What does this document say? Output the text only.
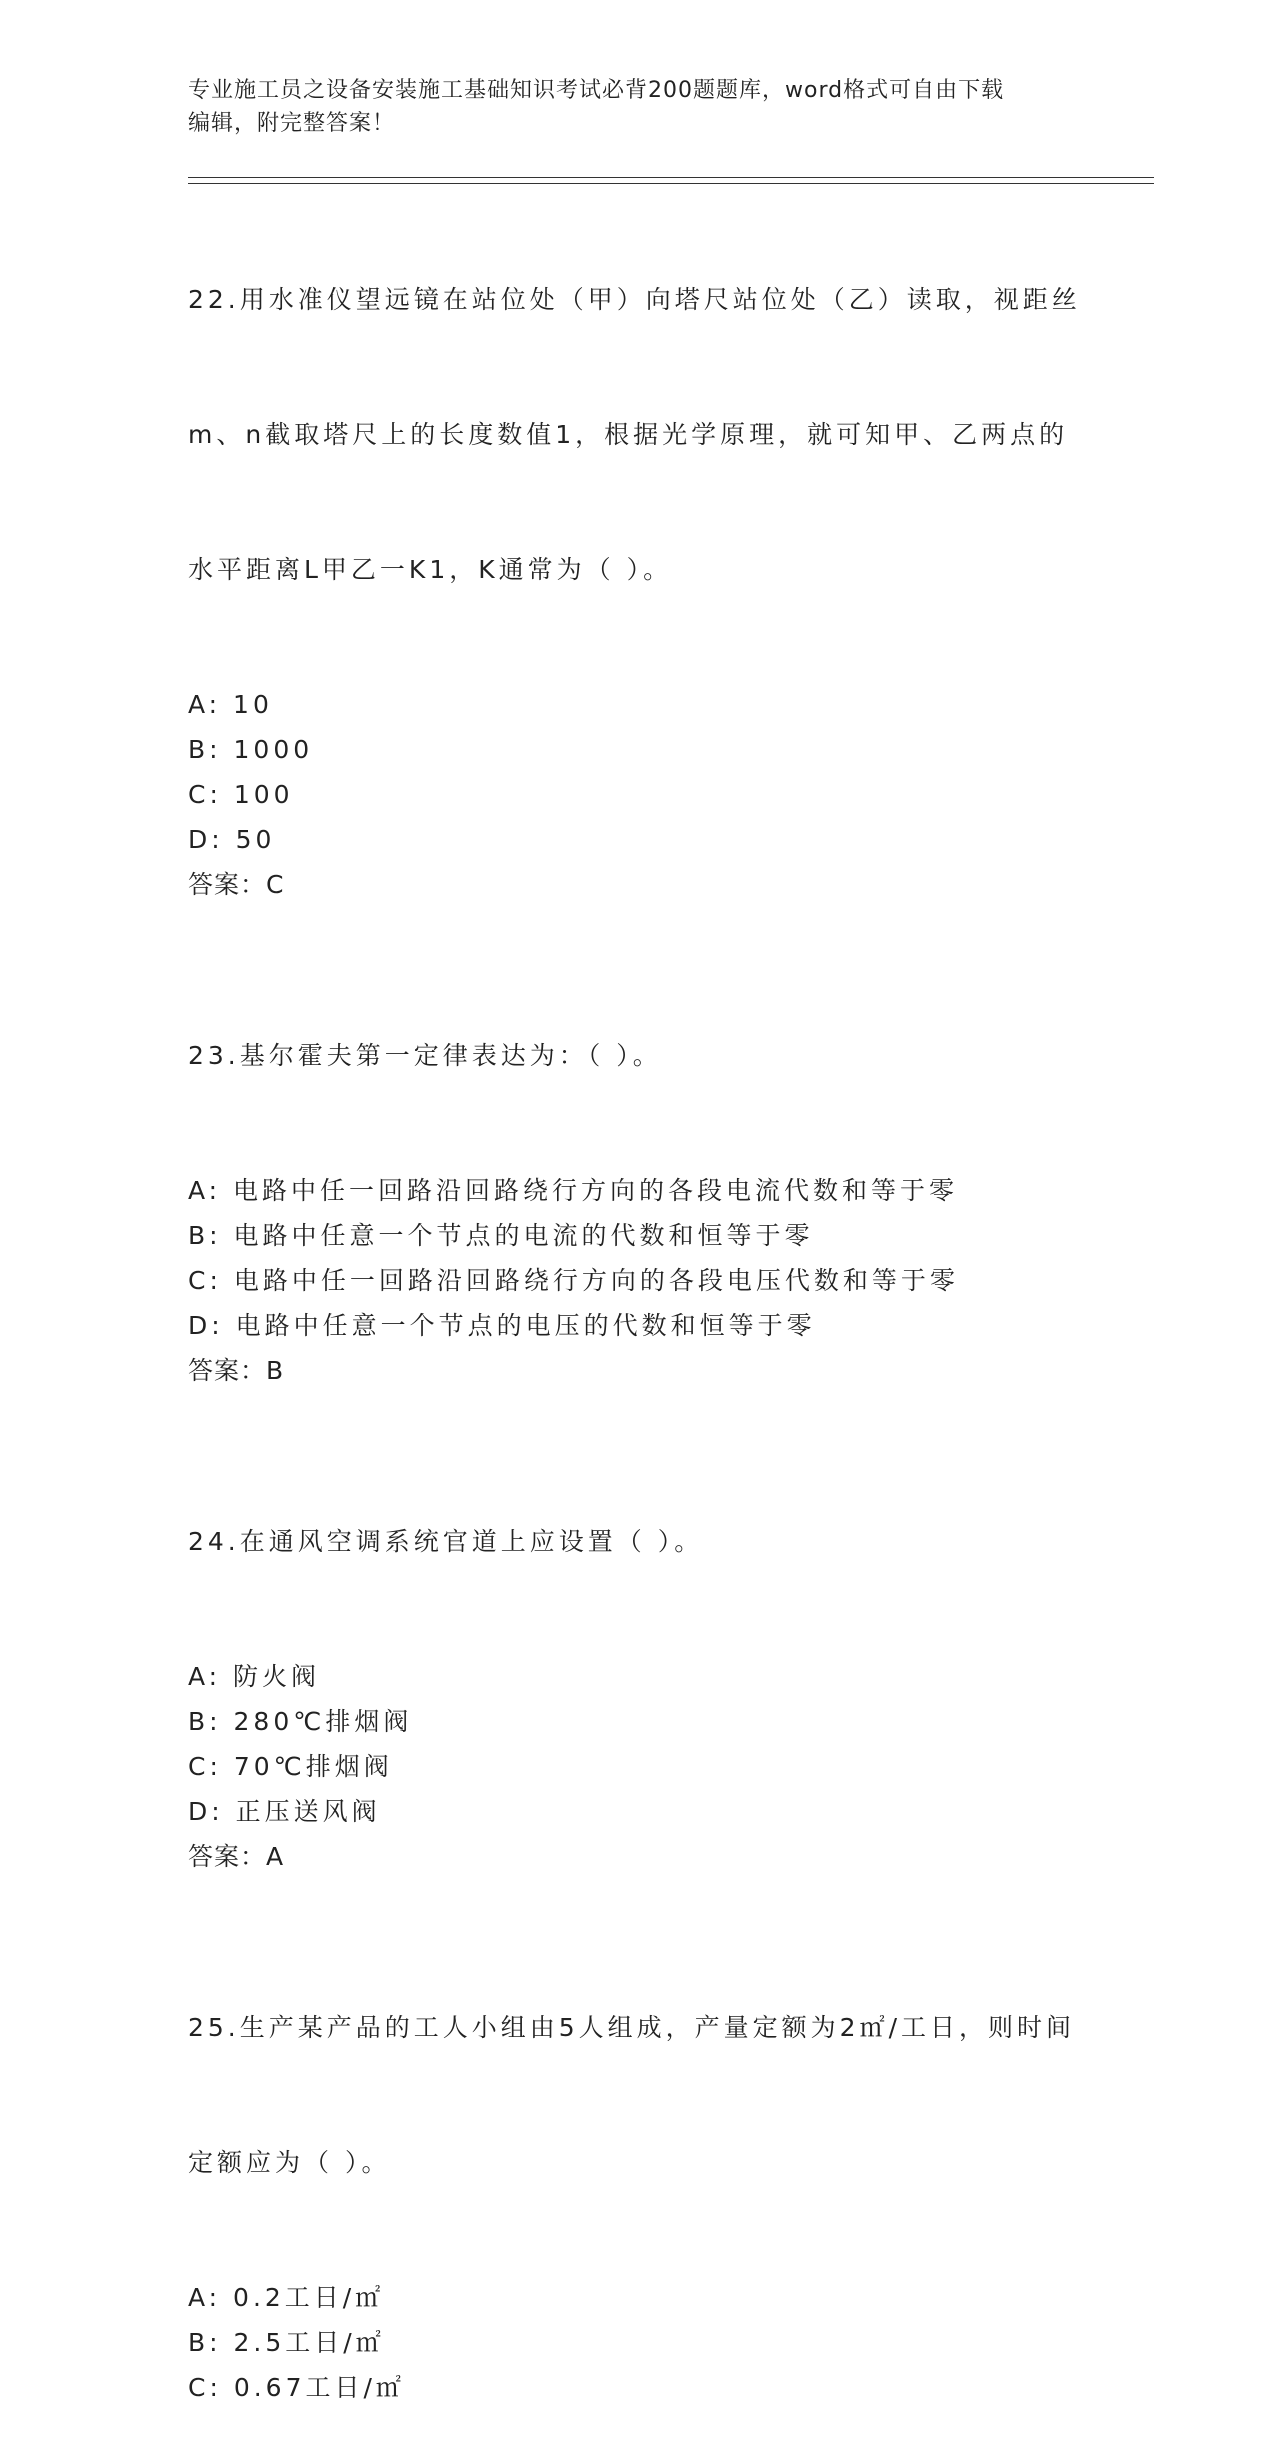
专业施工员之设备安装施工基础知识考试必背200题题库，word格式可自由下载
编辑，附完整答案！

22.用水准仪望远镜在站位处（甲）向塔尺站位处（乙）读取，视距丝

m、n截取塔尺上的长度数值1，根据光学原理，就可知甲、乙两点的

水平距离L甲乙一K1，K通常为（ ）。

A: 10
B: 1000
C: 100
D: 50
答案：C

23.基尔霍夫第一定律表达为：（ ）。

A: 电路中任一回路沿回路绕行方向的各段电流代数和等于零
B: 电路中任意一个节点的电流的代数和恒等于零
C: 电路中任一回路沿回路绕行方向的各段电压代数和等于零
D: 电路中任意一个节点的电压的代数和恒等于零
答案：B

24.在通风空调系统官道上应设置（ ）。

A: 防火阀
B: 280℃排烟阀
C: 70℃排烟阀
D: 正压送风阀
答案：A

25.生产某产品的工人小组由5人组成，产量定额为2㎡/工日，则时间

定额应为（ ）。

A: 0.2工日/㎡
B: 2.5工日/㎡
C: 0.67工日/㎡
